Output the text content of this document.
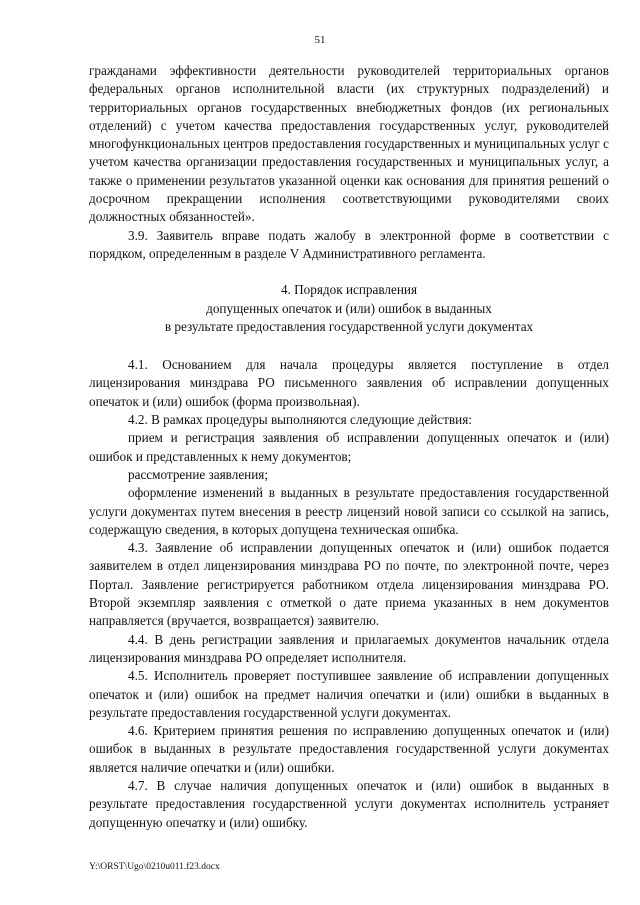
51

гражданами эффективности деятельности руководителей территориальных органов федеральных органов исполнительной власти (их структурных подразделений) и территориальных органов государственных внебюджетных фондов (их региональных отделений) с учетом качества предоставления государственных услуг, руководителей многофункциональных центров предоставления государственных и муниципальных услуг с учетом качества организации предоставления государственных и муниципальных услуг, а также о применении результатов указанной оценки как основания для принятия решений о досрочном прекращении исполнения соответствующими руководителями своих должностных обязанностей».

3.9. Заявитель вправе подать жалобу в электронной форме в соответствии с порядком, определенным в разделе V Административного регламента.

4. Порядок исправления
допущенных опечаток и (или) ошибок в выданных
в результате предоставления государственной услуги документах

4.1. Основанием для начала процедуры является поступление в отдел лицензирования минздрава РО письменного заявления об исправлении допущенных опечаток и (или) ошибок (форма произвольная).

4.2. В рамках процедуры выполняются следующие действия:

прием и регистрация заявления об исправлении допущенных опечаток и (или) ошибок и представленных к нему документов;

рассмотрение заявления;

оформление изменений в выданных в результате предоставления государственной услуги документах путем внесения в реестр лицензий новой записи со ссылкой на запись, содержащую сведения, в которых допущена техническая ошибка.

4.3. Заявление об исправлении допущенных опечаток и (или) ошибок подается заявителем в отдел лицензирования минздрава РО по почте, по электронной почте, через Портал. Заявление регистрируется работником отдела лицензирования минздрава РО. Второй экземпляр заявления с отметкой о дате приема указанных в нем документов направляется (вручается, возвращается) заявителю.

4.4. В день регистрации заявления и прилагаемых документов начальник отдела лицензирования минздрава РО определяет исполнителя.

4.5. Исполнитель проверяет поступившее заявление об исправлении допущенных опечаток и (или) ошибок на предмет наличия опечатки и (или) ошибки в выданных в результате предоставления государственной услуги документах.

4.6. Критерием принятия решения по исправлению допущенных опечаток и (или) ошибок в выданных в результате предоставления государственной услуги документах является наличие опечатки и (или) ошибки.

4.7. В случае наличия допущенных опечаток и (или) ошибок в выданных в результате предоставления государственной услуги документах исполнитель устраняет допущенную опечатку и (или) ошибку.

Y:\ORST\Ugo\0210u011.f23.docx
